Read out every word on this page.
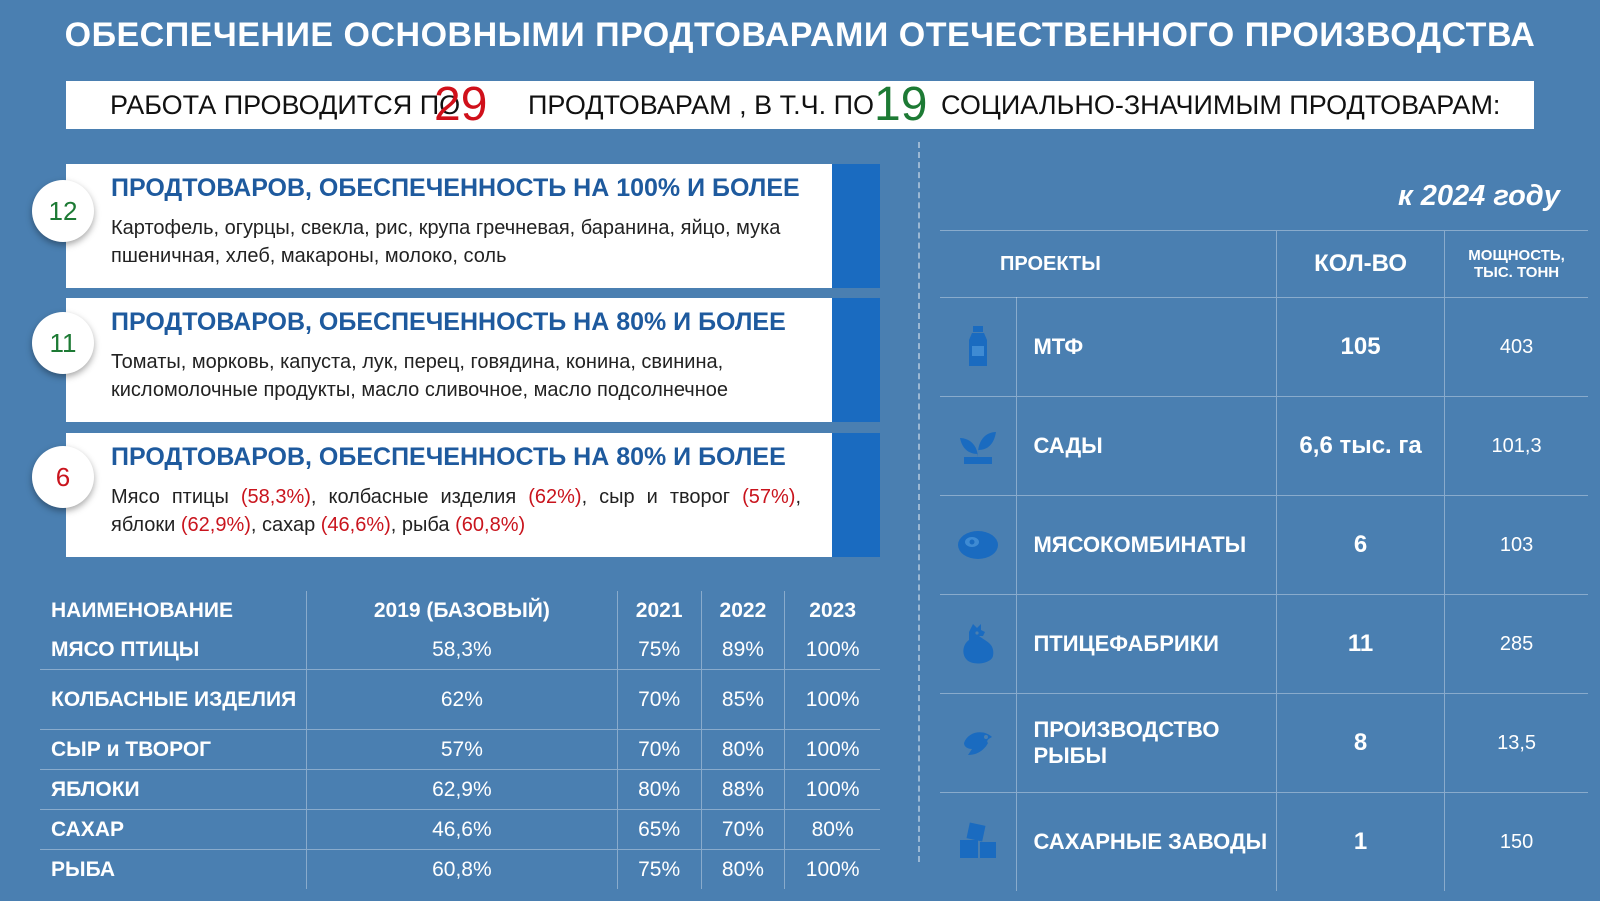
ОБЕСПЕЧЕНИЕ ОСНОВНЫМИ ПРОДТОВАРАМИ ОТЕЧЕСТВЕННОГО ПРОИЗВОДСТВА
РАБОТА ПРОВОДИТСЯ ПО
29 ПРОДТОВАРАМ , В Т.Ч. ПО 19 СОЦИАЛЬНО-ЗНАЧИМЫМ ПРОДТОВАРАМ:
ПРОДТОВАРОВ, ОБЕСПЕЧЕННОСТЬ НА 100% И БОЛЕЕ
Картофель, огурцы, свекла, рис, крупа гречневая, баранина, яйцо, мука пшеничная, хлеб, макароны, молоко, соль
12
ПРОДТОВАРОВ, ОБЕСПЕЧЕННОСТЬ НА 80% И БОЛЕЕ
Томаты, морковь, капуста, лук, перец, говядина, конина, свинина, кисломолочные продукты, масло сливочное, масло подсолнечное
11
ПРОДТОВАРОВ, ОБЕСПЕЧЕННОСТЬ НА 80% И БОЛЕЕ
Мясо птицы (58,3%), колбасные изделия (62%), сыр и творог (57%), яблоки (62,9%), сахар (46,6%), рыба (60,8%)
6
НАИМЕНОВАНИЕ	2019 (БАЗОВЫЙ)	2021	2022	2023
МЯСО ПТИЦЫ	58,3%	75%	89%	100%
КОЛБАСНЫЕ ИЗДЕЛИЯ	62%	70%	85%	100%
СЫР и ТВОРОГ	57%	70%	80%	100%
ЯБЛОКИ	62,9%	80%	88%	100%
САХАР	46,6%	65%	70%	80%
РЫБА	60,8%	75%	80%	100%
к 2024 году
ПРОЕКТЫ		КОЛ-ВО	МОЩНОСТЬ,
ТЫС. ТОНН
	МТФ	105	403
	САДЫ	6,6 тыс. га	101,3
	МЯСОКОМБИНАТЫ	6	103
	ПТИЦЕФАБРИКИ	11	285
	ПРОИЗВОДСТВО РЫБЫ	8	13,5
	САХАРНЫЕ ЗАВОДЫ	1	150
